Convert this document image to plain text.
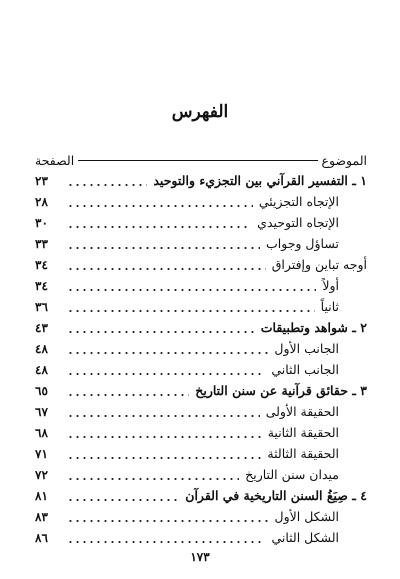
الفهرس
الموضوع
الصفحة
١ ـ التفسير القرآني بين التجزيء والتوحيد
٢٣
الإتجاه التجزيئي
٢٨
الإتجاه التوحيدي
٣٠
تساؤل وجواب
٣٣
أوجه تباين وإفتراق
٣٤
أولاً
٣٤
ثانياً
٣٦
٢ ـ شواهد وتطبيقات
٤٣
الجانب الأول
٤٨
الجانب الثاني
٤٨
٣ ـ حقائق قرآنية عن سنن التاريخ
٦٥
الحقيقة الأولى
٦٧
الحقيقة الثانية
٦٨
الحقيقة الثالثة
٧١
ميدان سنن التاريخ
٧٢
٤ ـ صِيَغُ السنن التاريخية في القرآن
٨١
الشكل الأول
٨٣
الشكل الثاني
٨٦
١٧٣
